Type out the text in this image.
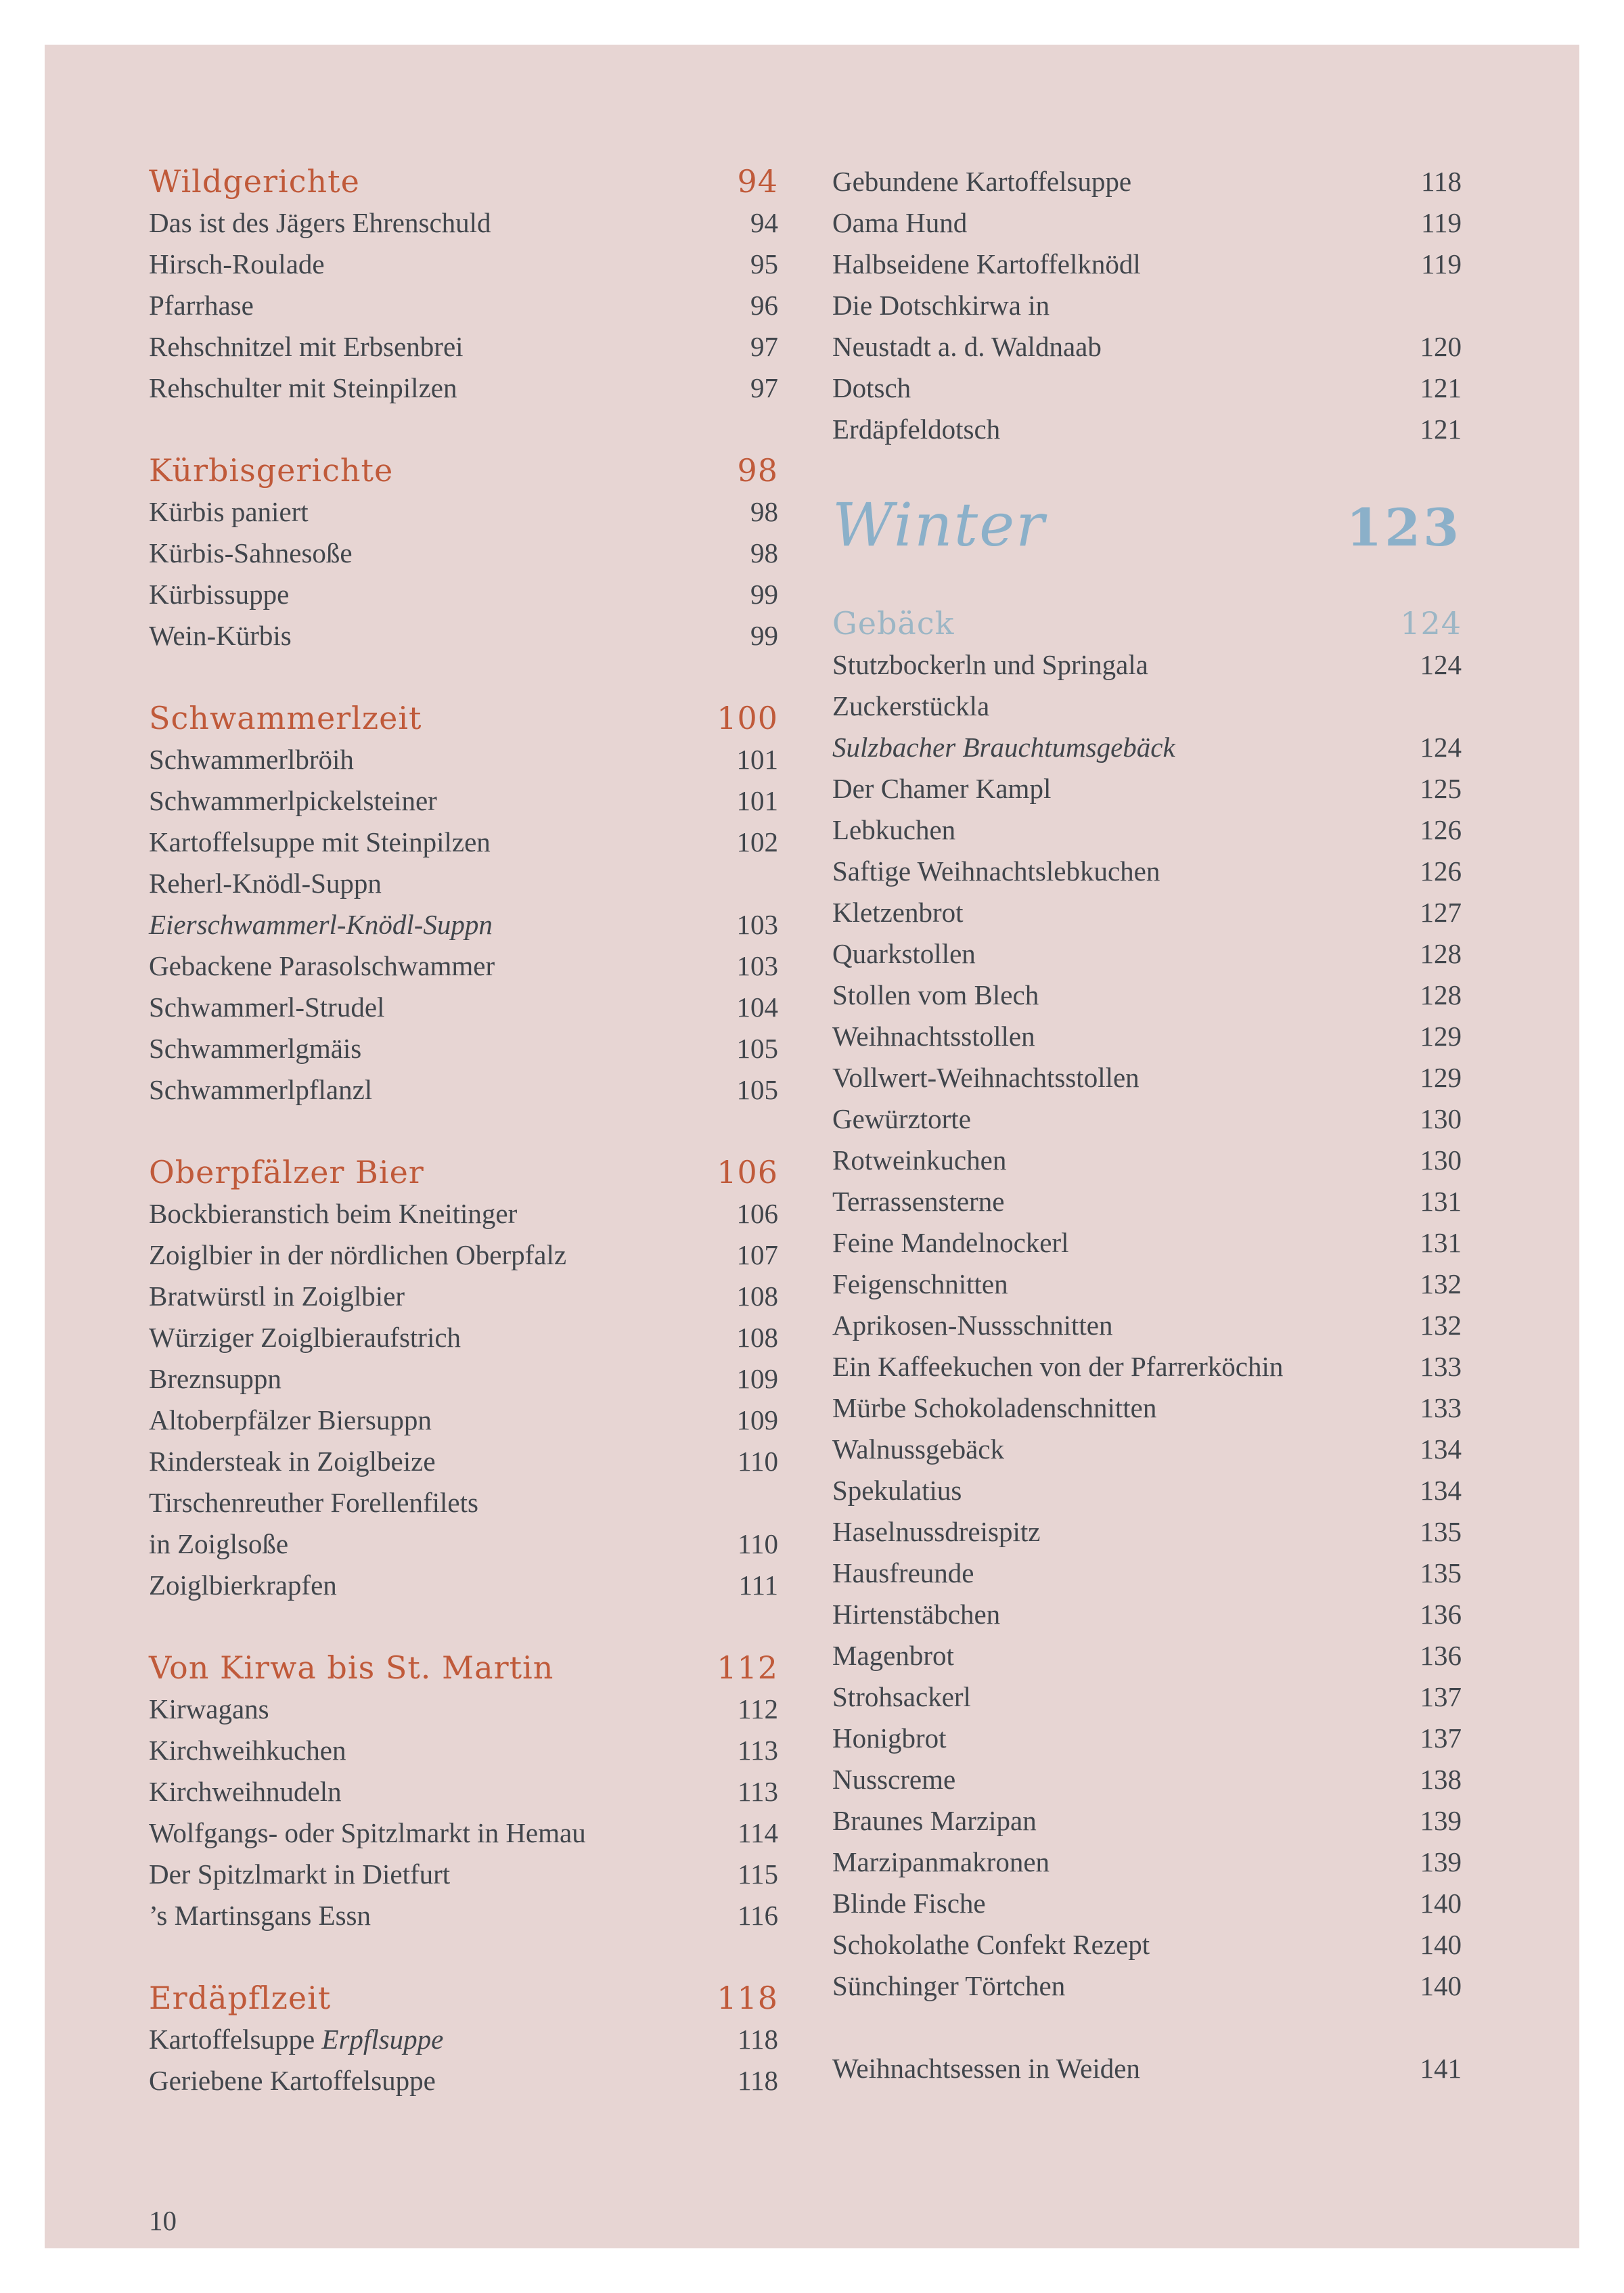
Wildgerichte	94
Das ist des Jägers Ehrenschuld	94
Hirsch-Roulade	95
Pfarrhase	96
Rehschnitzel mit Erbsenbrei	97
Rehschulter mit Steinpilzen	97
Kürbisgerichte	98
Kürbis paniert	98
Kürbis-Sahnesoße	98
Kürbissuppe	99
Wein-Kürbis	99
Schwammerlzeit	100
Schwammerlbröih	101
Schwammerlpickelsteiner	101
Kartoffelsuppe mit Steinpilzen	102
Reherl-Knödl-Suppn
Eierschwammerl-Knödl-Suppn	103
Gebackene Parasolschwammer	103
Schwammerl-Strudel	104
Schwammerlgmäis	105
Schwammerlpflanzl	105
Oberpfälzer Bier	106
Bockbieranstich beim Kneitinger	106
Zoiglbier in der nördlichen Oberpfalz	107
Bratwürstl in Zoiglbier	108
Würziger Zoiglbieraufstrich	108
Breznsuppn	109
Altoberpfälzer Biersuppn	109
Rindersteak in Zoiglbeize	110
Tirschenreuther Forellenfilets
in Zoiglsoße	110
Zoiglbierkrapfen	111
Von Kirwa bis St. Martin	112
Kirwagans	112
Kirchweihkuchen	113
Kirchweihnudeln	113
Wolfgangs- oder Spitzlmarkt in Hemau	114
Der Spitzlmarkt in Dietfurt	115
’s Martinsgans Essn	116
Erdäpflzeit	118
Kartoffelsuppe Erpflsuppe	118
Geriebene Kartoffelsuppe	118
Gebundene Kartoffelsuppe	118
Oama Hund	119
Halbseidene Kartoffelknödl	119
Die Dotschkirwa in
Neustadt a. d. Waldnaab	120
Dotsch	121
Erdäpfeldotsch	121
Winter	123
Gebäck	124
Stutzbockerln und Springala	124
Zuckerstückla
Sulzbacher Brauchtumsgebäck	124
Der Chamer Kampl	125
Lebkuchen	126
Saftige Weihnachtslebkuchen	126
Kletzenbrot	127
Quarkstollen	128
Stollen vom Blech	128
Weihnachtsstollen	129
Vollwert-Weihnachtsstollen	129
Gewürztorte	130
Rotweinkuchen	130
Terrassensterne	131
Feine Mandelnockerl	131
Feigenschnitten	132
Aprikosen-Nussschnitten	132
Ein Kaffeekuchen von der Pfarrerköchin	133
Mürbe Schokoladenschnitten	133
Walnussgebäck	134
Spekulatius	134
Haselnussdreispitz	135
Hausfreunde	135
Hirtenstäbchen	136
Magenbrot	136
Strohsackerl	137
Honigbrot	137
Nusscreme	138
Braunes Marzipan	139
Marzipanmakronen	139
Blinde Fische	140
Schokolathe Confekt Rezept	140
Sünchinger Törtchen	140
Weihnachtsessen in Weiden	141
10
